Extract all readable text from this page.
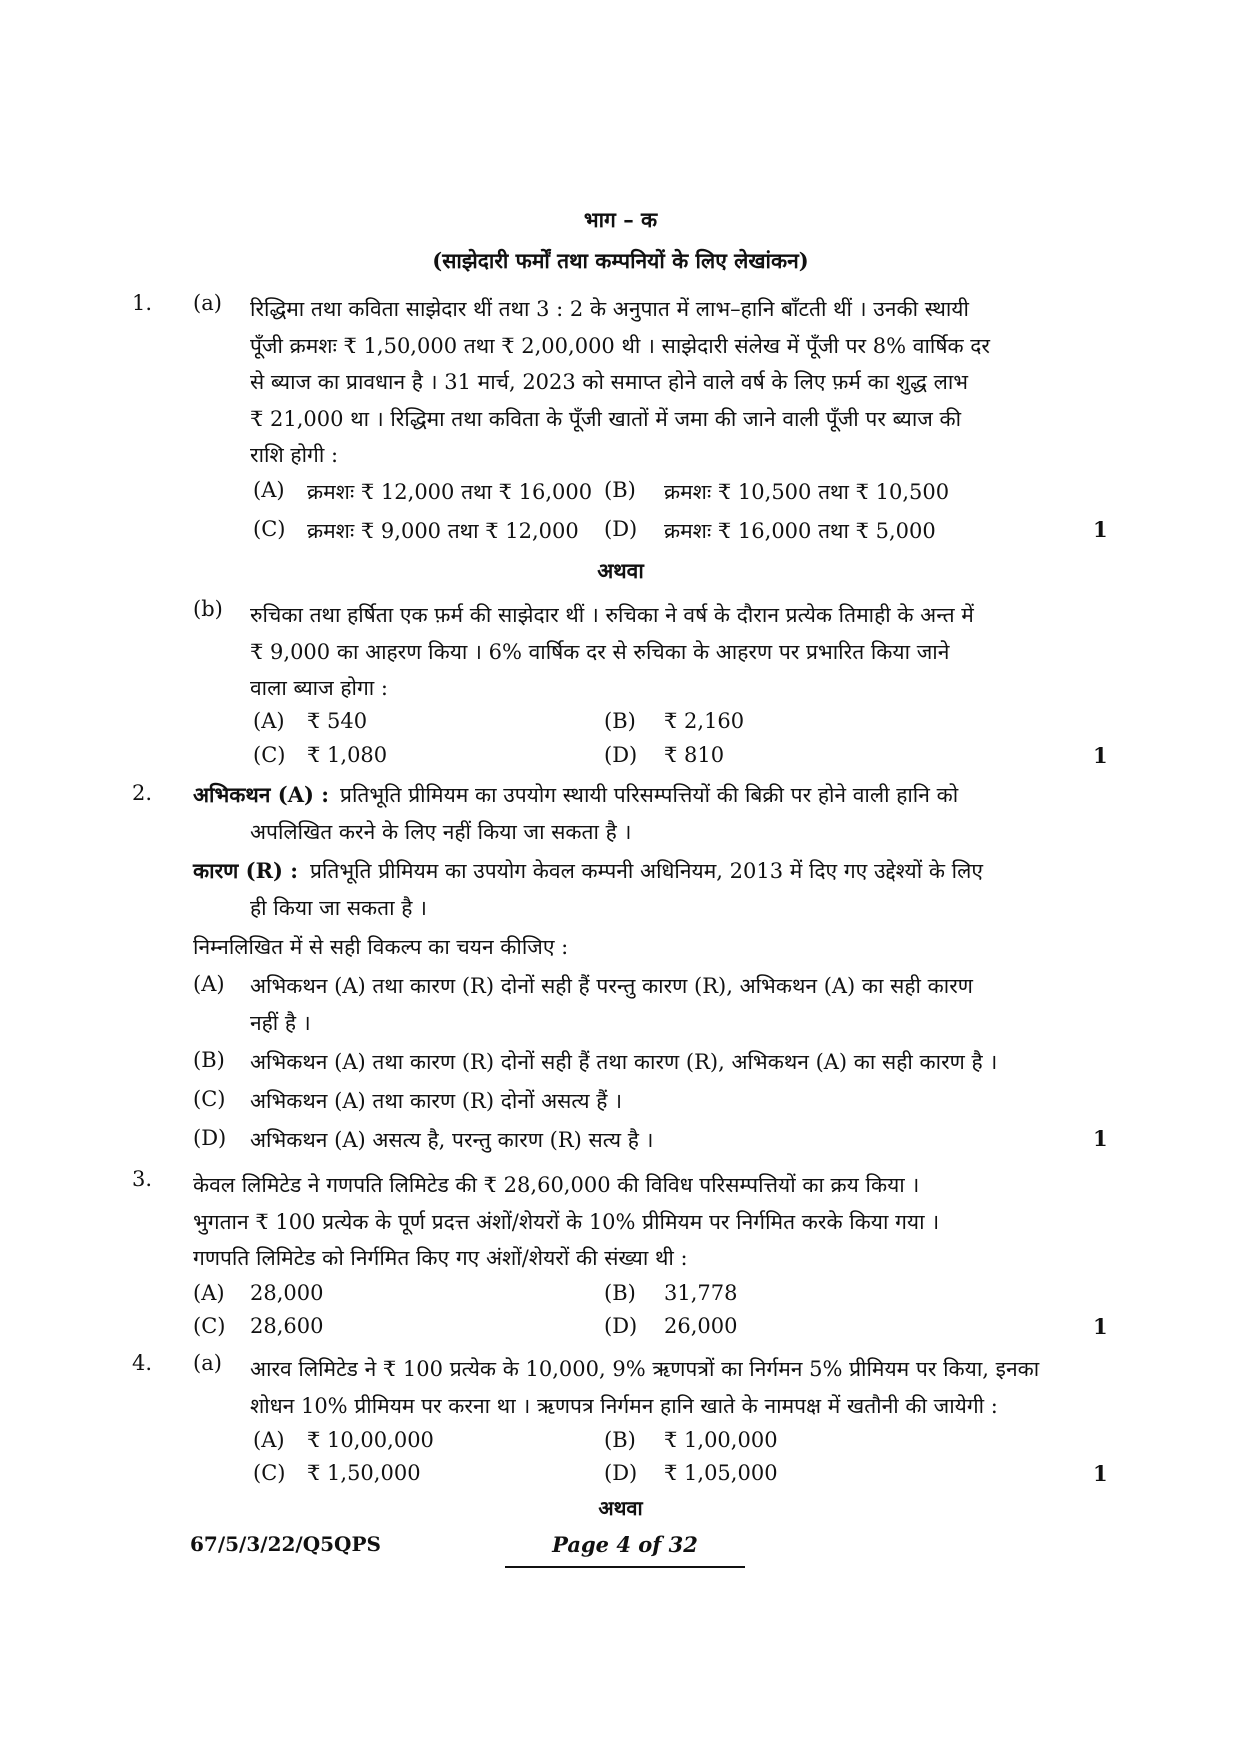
भाग – क
(साझेदारी फर्मों तथा कम्पनियों के लिए लेखांकन)
1. (a) रिद्धिमा तथा कविता साझेदार थीं तथा 3 : 2 के अनुपात में लाभ–हानि बाँटती थीं । उनकी स्थायी
पूँजी क्रमशः ₹ 1,50,000 तथा ₹ 2,00,000 थी । साझेदारी संलेख में पूँजी पर 8% वार्षिक दर
से ब्याज का प्रावधान है । 31 मार्च, 2023 को समाप्त होने वाले वर्ष के लिए फ़र्म का शुद्ध लाभ
₹ 21,000 था । रिद्धिमा तथा कविता के पूँजी खातों में जमा की जाने वाली पूँजी पर ब्याज की
राशि होगी :
(A) क्रमशः ₹ 12,000 तथा ₹ 16,000 (B) क्रमशः ₹ 10,500 तथा ₹ 10,500
(C) क्रमशः ₹ 9,000 तथा ₹ 12,000 (D) क्रमशः ₹ 16,000 तथा ₹ 5,000	1
अथवा
(b) रुचिका तथा हर्षिता एक फ़र्म की साझेदार थीं । रुचिका ने वर्ष के दौरान प्रत्येक तिमाही के अन्त में
₹ 9,000 का आहरण किया । 6% वार्षिक दर से रुचिका के आहरण पर प्रभारित किया जाने
वाला ब्याज होगा :
(A) ₹ 540	(B) ₹ 2,160
(C) ₹ 1,080	(D) ₹ 810	1
2. अभिकथन (A) : प्रतिभूति प्रीमियम का उपयोग स्थायी परिसम्पत्तियों की बिक्री पर होने वाली हानि को
अपलिखित करने के लिए नहीं किया जा सकता है ।
कारण (R) : प्रतिभूति प्रीमियम का उपयोग केवल कम्पनी अधिनियम, 2013 में दिए गए उद्देश्यों के लिए
ही किया जा सकता है ।
निम्नलिखित में से सही विकल्प का चयन कीजिए :
(A) अभिकथन (A) तथा कारण (R) दोनों सही हैं परन्तु कारण (R), अभिकथन (A) का सही कारण
नहीं है ।
(B) अभिकथन (A) तथा कारण (R) दोनों सही हैं तथा कारण (R), अभिकथन (A) का सही कारण है ।
(C) अभिकथन (A) तथा कारण (R) दोनों असत्य हैं ।
(D) अभिकथन (A) असत्य है, परन्तु कारण (R) सत्य है ।	1
3. केवल लिमिटेड ने गणपति लिमिटेड की ₹ 28,60,000 की विविध परिसम्पत्तियों का क्रय किया ।
भुगतान ₹ 100 प्रत्येक के पूर्ण प्रदत्त अंशों/शेयरों के 10% प्रीमियम पर निर्गमित करके किया गया ।
गणपति लिमिटेड को निर्गमित किए गए अंशों/शेयरों की संख्या थी :
(A) 28,000	(B) 31,778
(C) 28,600	(D) 26,000	1
4. (a) आरव लिमिटेड ने ₹ 100 प्रत्येक के 10,000, 9% ऋणपत्रों का निर्गमन 5% प्रीमियम पर किया, इनका
शोधन 10% प्रीमियम पर करना था । ऋणपत्र निर्गमन हानि खाते के नामपक्ष में खतौनी की जायेगी :
(A) ₹ 10,00,000	(B) ₹ 1,00,000
(C) ₹ 1,50,000	(D) ₹ 1,05,000	1
अथवा
67/5/3/22/Q5QPS	Page 4 of 32
